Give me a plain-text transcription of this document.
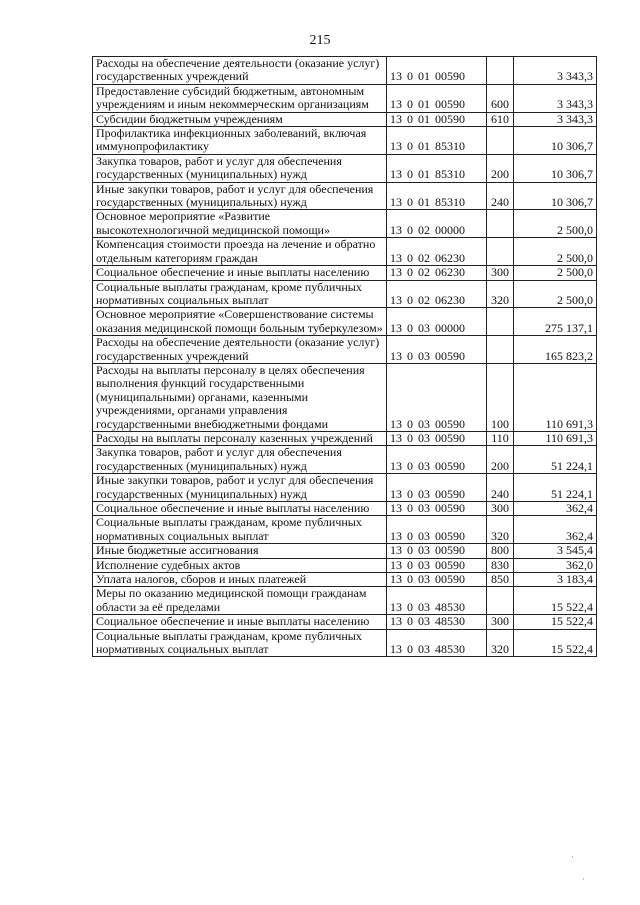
215
Расходы на обеспечение деятельности (оказание услуг) государственных учреждений	13 0 01 00590		3 343,3
Предоставление субсидий бюджетным, автономным учреждениям и иным некоммерческим организациям	13 0 01 00590	600	3 343,3
Субсидии бюджетным учреждениям	13 0 01 00590	610	3 343,3
Профилактика инфекционных заболеваний, включая иммунопрофилактику	13 0 01 85310		10 306,7
Закупка товаров, работ и услуг для обеспечения государственных (муниципальных) нужд	13 0 01 85310	200	10 306,7
Иные закупки товаров, работ и услуг для обеспечения государственных (муниципальных) нужд	13 0 01 85310	240	10 306,7
Основное мероприятие «Развитие высокотехнологичной медицинской помощи»	13 0 02 00000		2 500,0
Компенсация стоимости проезда на лечение и обратно отдельным категориям граждан	13 0 02 06230		2 500,0
Социальное обеспечение и иные выплаты населению	13 0 02 06230	300	2 500,0
Социальные выплаты гражданам, кроме публичных нормативных социальных выплат	13 0 02 06230	320	2 500,0
Основное мероприятие «Совершенствование системы оказания медицинской помощи больным туберкулезом»	13 0 03 00000		275 137,1
Расходы на обеспечение деятельности (оказание услуг) государственных учреждений	13 0 03 00590		165 823,2
Расходы на выплаты персоналу в целях обеспечения выполнения функций государственными (муниципальными) органами, казенными учреждениями, органами управления государственными внебюджетными фондами	13 0 03 00590	100	110 691,3
Расходы на выплаты персоналу казенных учреждений	13 0 03 00590	110	110 691,3
Закупка товаров, работ и услуг для обеспечения государственных (муниципальных) нужд	13 0 03 00590	200	51 224,1
Иные закупки товаров, работ и услуг для обеспечения государственных (муниципальных) нужд	13 0 03 00590	240	51 224,1
Социальное обеспечение и иные выплаты населению	13 0 03 00590	300	362,4
Социальные выплаты гражданам, кроме публичных нормативных социальных выплат	13 0 03 00590	320	362,4
Иные бюджетные ассигнования	13 0 03 00590	800	3 545,4
Исполнение судебных актов	13 0 03 00590	830	362,0
Уплата налогов, сборов и иных платежей	13 0 03 00590	850	3 183,4
Меры по оказанию медицинской помощи гражданам области за её пределами	13 0 03 48530		15 522,4
Социальное обеспечение и иные выплаты населению	13 0 03 48530	300	15 522,4
Социальные выплаты гражданам, кроме публичных нормативных социальных выплат	13 0 03 48530	320	15 522,4
·
·
